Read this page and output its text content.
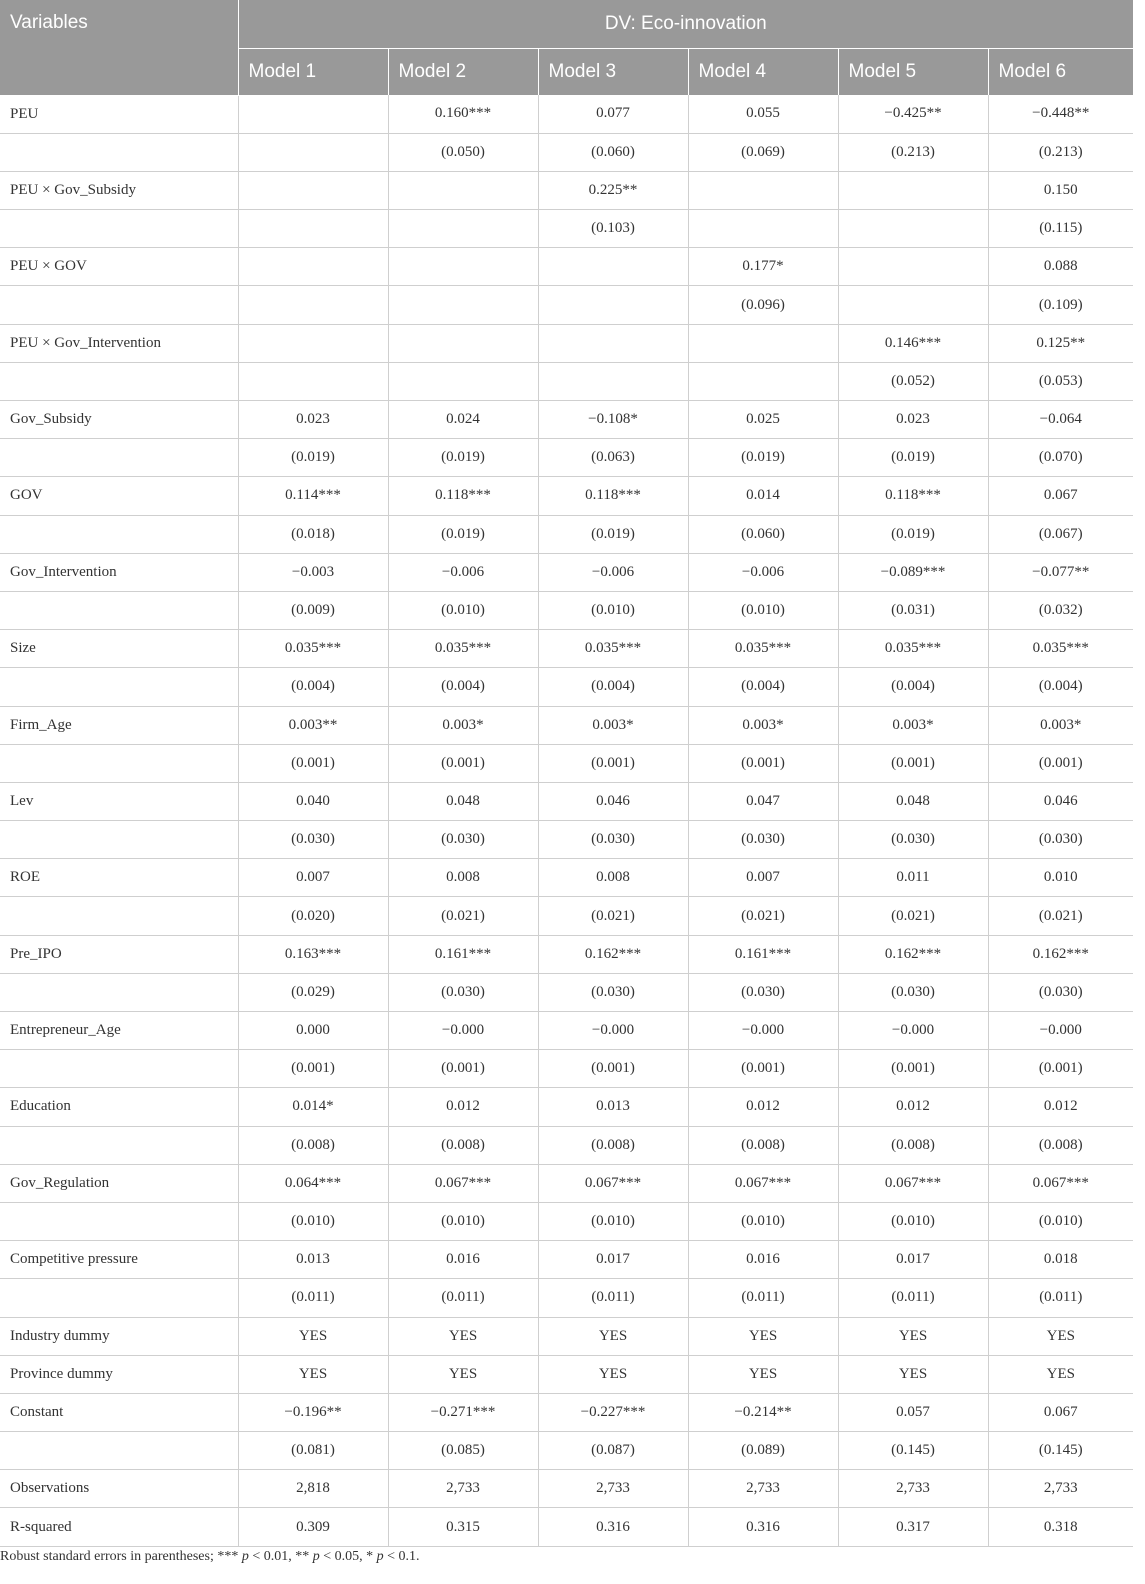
Variables	DV: Eco-innovation					
	Model 1	Model 2	Model 3	Model 4	Model 5	Model 6
PEU		0.160***	0.077	0.055	−0.425**	−0.448**
		(0.050)	(0.060)	(0.069)	(0.213)	(0.213)
PEU × Gov_Subsidy			0.225**			0.150
			(0.103)			(0.115)
PEU × GOV				0.177*		0.088
				(0.096)		(0.109)
PEU × Gov_Intervention					0.146***	0.125**
					(0.052)	(0.053)
Gov_Subsidy	0.023	0.024	−0.108*	0.025	0.023	−0.064
	(0.019)	(0.019)	(0.063)	(0.019)	(0.019)	(0.070)
GOV	0.114***	0.118***	0.118***	0.014	0.118***	0.067
	(0.018)	(0.019)	(0.019)	(0.060)	(0.019)	(0.067)
Gov_Intervention	−0.003	−0.006	−0.006	−0.006	−0.089***	−0.077**
	(0.009)	(0.010)	(0.010)	(0.010)	(0.031)	(0.032)
Size	0.035***	0.035***	0.035***	0.035***	0.035***	0.035***
	(0.004)	(0.004)	(0.004)	(0.004)	(0.004)	(0.004)
Firm_Age	0.003**	0.003*	0.003*	0.003*	0.003*	0.003*
	(0.001)	(0.001)	(0.001)	(0.001)	(0.001)	(0.001)
Lev	0.040	0.048	0.046	0.047	0.048	0.046
	(0.030)	(0.030)	(0.030)	(0.030)	(0.030)	(0.030)
ROE	0.007	0.008	0.008	0.007	0.011	0.010
	(0.020)	(0.021)	(0.021)	(0.021)	(0.021)	(0.021)
Pre_IPO	0.163***	0.161***	0.162***	0.161***	0.162***	0.162***
	(0.029)	(0.030)	(0.030)	(0.030)	(0.030)	(0.030)
Entrepreneur_Age	0.000	−0.000	−0.000	−0.000	−0.000	−0.000
	(0.001)	(0.001)	(0.001)	(0.001)	(0.001)	(0.001)
Education	0.014*	0.012	0.013	0.012	0.012	0.012
	(0.008)	(0.008)	(0.008)	(0.008)	(0.008)	(0.008)
Gov_Regulation	0.064***	0.067***	0.067***	0.067***	0.067***	0.067***
	(0.010)	(0.010)	(0.010)	(0.010)	(0.010)	(0.010)
Competitive pressure	0.013	0.016	0.017	0.016	0.017	0.018
	(0.011)	(0.011)	(0.011)	(0.011)	(0.011)	(0.011)
Industry dummy	YES	YES	YES	YES	YES	YES
Province dummy	YES	YES	YES	YES	YES	YES
Constant	−0.196**	−0.271***	−0.227***	−0.214**	0.057	0.067
	(0.081)	(0.085)	(0.087)	(0.089)	(0.145)	(0.145)
Observations	2,818	2,733	2,733	2,733	2,733	2,733
R-squared	0.309	0.315	0.316	0.316	0.317	0.318
Robust standard errors in parentheses; *** p < 0.01, ** p < 0.05, * p < 0.1.
